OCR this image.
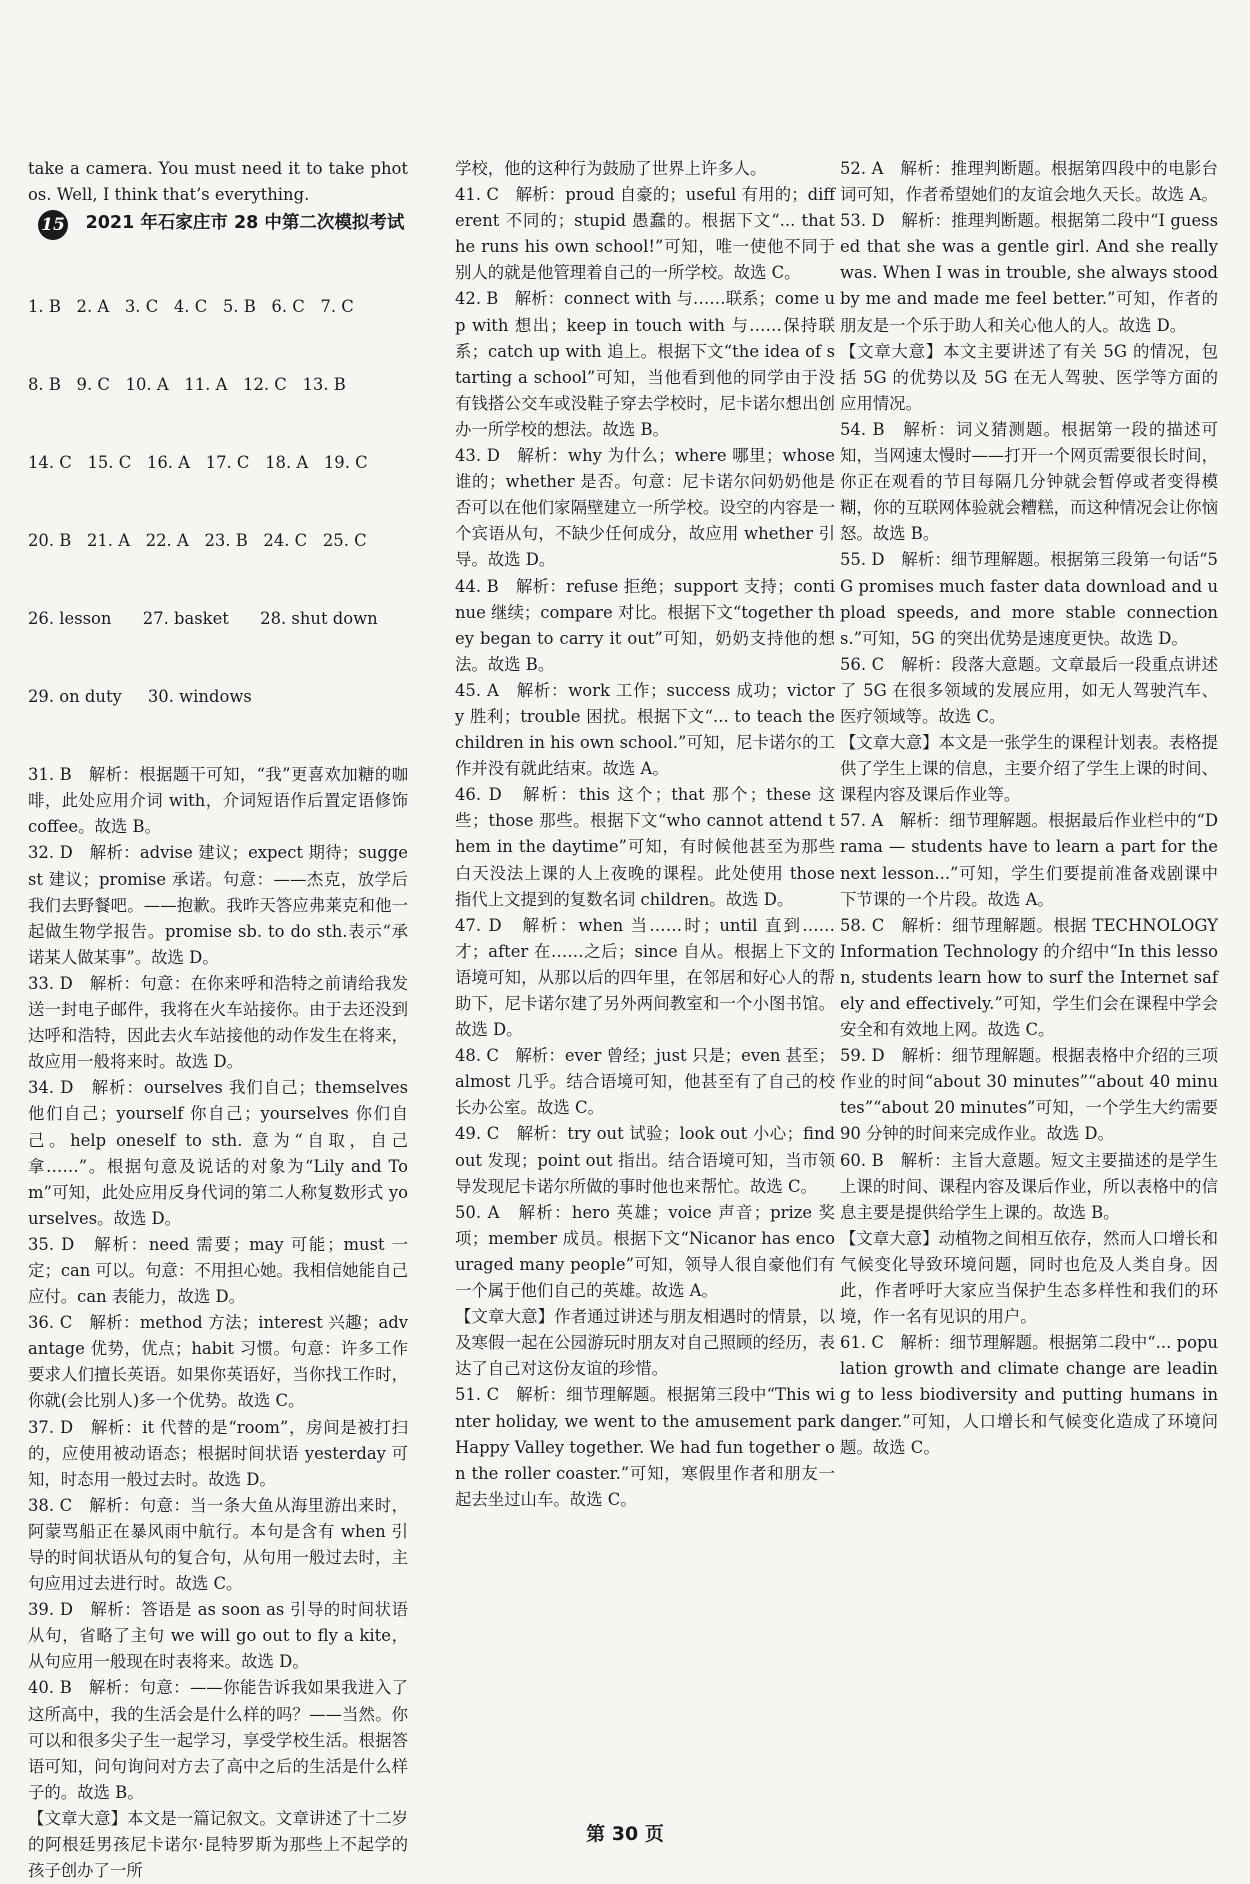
take a camera. You must need it to take photos. Well, I think that’s everything.

15 2021 年石家庄市 28 中第二次模拟考试

1. B   2. A   3. C   4. C   5. B   6. C   7. C

8. B   9. C   10. A   11. A   12. C   13. B

14. C   15. C   16. A   17. C   18. A   19. C

20. B   21. A   22. A   23. B   24. C   25. C

26. lesson      27. basket      28. shut down

29. on duty     30. windows

31. B　解析：根据题干可知，“我”更喜欢加糖的咖啡，此处应用介词 with，介词短语作后置定语修饰 coffee。故选 B。

32. D　解析：advise 建议；expect 期待；suggest 建议；promise 承诺。句意：——杰克，放学后我们去野餐吧。——抱歉。我昨天答应弗莱克和他一起做生物学报告。promise sb. to do sth.表示“承诺某人做某事”。故选 D。

33. D　解析：句意：在你来呼和浩特之前请给我发送一封电子邮件，我将在火车站接你。由于去还没到达呼和浩特，因此去火车站接他的动作发生在将来，故应用一般将来时。故选 D。

34. D　解析：ourselves 我们自己；themselves 他们自己；yourself 你自己；yourselves 你们自己。help oneself to sth. 意为“自取，自己拿……”。根据句意及说话的对象为“Lily and Tom”可知，此处应用反身代词的第二人称复数形式 yourselves。故选 D。

35. D　解析：need 需要；may 可能；must 一定；can 可以。句意：不用担心她。我相信她能自己应付。can 表能力，故选 D。

36. C　解析：method 方法；interest 兴趣；advantage 优势，优点；habit 习惯。句意：许多工作要求人们擅长英语。如果你英语好，当你找工作时，你就(会比别人)多一个优势。故选 C。

37. D　解析：it 代替的是“room”，房间是被打扫的，应使用被动语态；根据时间状语 yesterday 可知，时态用一般过去时。故选 D。

38. C　解析：句意：当一条大鱼从海里游出来时，阿蒙骂船正在暴风雨中航行。本句是含有 when 引导的时间状语从句的复合句，从句用一般过去时，主句应用过去进行时。故选 C。

39. D　解析：答语是 as soon as 引导的时间状语从句，省略了主句 we will go out to fly a kite，从句应用一般现在时表将来。故选 D。

40. B　解析：句意：——你能告诉我如果我进入了这所高中，我的生活会是什么样的吗？——当然。你可以和很多尖子生一起学习，享受学校生活。根据答语可知，问句询问对方去了高中之后的生活是什么样子的。故选 B。

【文章大意】本文是一篇记叙文。文章讲述了十二岁的阿根廷男孩尼卡诺尔·昆特罗斯为那些上不起学的孩子创办了一所

学校，他的这种行为鼓励了世界上许多人。

41. C　解析：proud 自豪的；useful 有用的；different 不同的；stupid 愚蠢的。根据下文“... that he runs his own school!”可知，唯一使他不同于别人的就是他管理着自己的一所学校。故选 C。

42. B　解析：connect with 与……联系；come up with 想出；keep in touch with 与……保持联系；catch up with 追上。根据下文“the idea of starting a school”可知，当他看到他的同学由于没有钱搭公交车或没鞋子穿去学校时，尼卡诺尔想出创办一所学校的想法。故选 B。

43. D　解析：why 为什么；where 哪里；whose 谁的；whether 是否。句意：尼卡诺尔问奶奶他是否可以在他们家隔壁建立一所学校。设空的内容是一个宾语从句，不缺少任何成分，故应用 whether 引导。故选 D。

44. B　解析：refuse 拒绝；support 支持；continue 继续；compare 对比。根据下文“together they began to carry it out”可知，奶奶支持他的想法。故选 B。

45. A　解析：work 工作；success 成功；victory 胜利；trouble 困扰。根据下文“... to teach the children in his own school.”可知，尼卡诺尔的工作并没有就此结束。故选 A。

46. D　解析：this 这个；that 那个；these 这些；those 那些。根据下文“who cannot attend them in the daytime”可知，有时候他甚至为那些白天没法上课的人上夜晚的课程。此处使用 those 指代上文提到的复数名词 children。故选 D。

47. D　解析：when 当……时；until 直到……才；after 在……之后；since 自从。根据上下文的语境可知，从那以后的四年里，在邻居和好心人的帮助下，尼卡诺尔建了另外两间教室和一个小图书馆。故选 D。

48. C　解析：ever 曾经；just 只是；even 甚至；almost 几乎。结合语境可知，他甚至有了自己的校长办公室。故选 C。

49. C　解析：try out 试验；look out 小心；find out 发现；point out 指出。结合语境可知，当市领导发现尼卡诺尔所做的事时他也来帮忙。故选 C。

50. A　解析：hero 英雄；voice 声音；prize 奖项；member 成员。根据下文“Nicanor has encouraged many people”可知，领导人很自豪他们有一个属于他们自己的英雄。故选 A。

【文章大意】作者通过讲述与朋友相遇时的情景，以及寒假一起在公园游玩时朋友对自己照顾的经历，表达了自己对这份友谊的珍惜。

51. C　解析：细节理解题。根据第三段中“This winter holiday, we went to the amusement park Happy Valley together. We had fun together on the roller coaster.”可知，寒假里作者和朋友一起去坐过山车。故选 C。

52. A　解析：推理判断题。根据第四段中的电影台词可知，作者希望她们的友谊会地久天长。故选 A。

53. D　解析：推理判断题。根据第二段中“I guessed that she was a gentle girl. And she really was. When I was in trouble, she always stood by me and made me feel better.”可知，作者的朋友是一个乐于助人和关心他人的人。故选 D。

【文章大意】本文主要讲述了有关 5G 的情况，包括 5G 的优势以及 5G 在无人驾驶、医学等方面的应用情况。

54. B　解析：词义猜测题。根据第一段的描述可知，当网速太慢时——打开一个网页需要很长时间，你正在观看的节目每隔几分钟就会暂停或者变得模糊，你的互联网体验就会糟糕，而这种情况会让你恼怒。故选 B。

55. D　解析：细节理解题。根据第三段第一句话“5G promises much faster data download and upload speeds, and more stable connections.”可知，5G 的突出优势是速度更快。故选 D。

56. C　解析：段落大意题。文章最后一段重点讲述了 5G 在很多领域的发展应用，如无人驾驶汽车、医疗领域等。故选 C。

【文章大意】本文是一张学生的课程计划表。表格提供了学生上课的信息，主要介绍了学生上课的时间、课程内容及课后作业等。

57. A　解析：细节理解题。根据最后作业栏中的“Drama — students have to learn a part for the next lesson...”可知，学生们要提前准备戏剧课中下节课的一个片段。故选 A。

58. C　解析：细节理解题。根据 TECHNOLOGY Information Technology 的介绍中“In this lesson, students learn how to surf the Internet safely and effectively.”可知，学生们会在课程中学会安全和有效地上网。故选 C。

59. D　解析：细节理解题。根据表格中介绍的三项作业的时间“about 30 minutes”“about 40 minutes”“about 20 minutes”可知，一个学生大约需要 90 分钟的时间来完成作业。故选 D。

60. B　解析：主旨大意题。短文主要描述的是学生上课的时间、课程内容及课后作业，所以表格中的信息主要是提供给学生上课的。故选 B。

【文章大意】动植物之间相互依存，然而人口增长和气候变化导致环境问题，同时也危及人类自身。因此，作者呼吁大家应当保护生态多样性和我们的环境，作一名有见识的用户。

61. C　解析：细节理解题。根据第二段中“... population growth and climate change are leading to less biodiversity and putting humans in danger.”可知，人口增长和气候变化造成了环境问题。故选 C。

第 30 页
